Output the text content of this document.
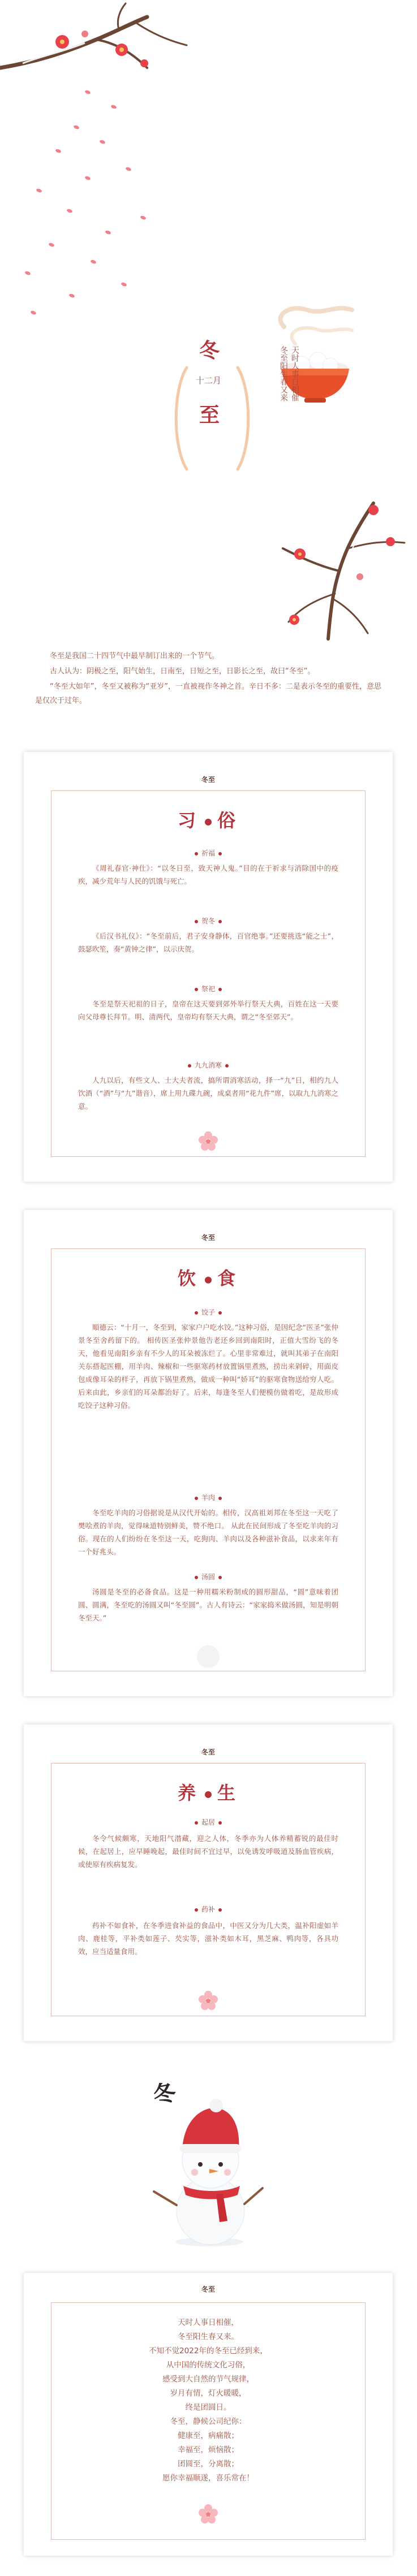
冬
十二月
至
天时人事日相催
冬至阳生春又来

冬至是我国二十四节气中最早制订出来的一个节气。

古人认为：阴极之至，阳气始生，日南至，日短之至，日影长之至，故曰“冬至”。

“冬至大如年”，冬至又被称为“亚岁”，一直被视作冬神之首。辛日不多：二是表示冬至的重要性，意思是仅次于过年。

冬至
习 俗
祈福

《周礼春官·神仕》：“以冬日至，致天神人鬼。”目的在于祈求与消除国中的疫疾，减少荒年与人民的饥饿与死亡。

贺冬

《后汉书礼仪》：“冬至前后，君子安身静体，百官绝事。”还要挑选“能之士”，鼓瑟吹笙，奏“黄钟之律”，以示庆贺。

祭祀

冬至是祭天祀祖的日子，皇帝在这天要到郊外举行祭天大典，百姓在这一天要向父母尊长拜节。明、清两代，皇帝均有祭天大典，谓之“冬至郊天”。

九九消寒

人九以后，有些文人、士大夫者流，搞所谓消寒活动，择一“九”日，相约九人饮酒（“酒”与“九”谐音），席上用九碟九碗，成桌者用“花九件”席，以取九九消寒之意。

冬至
饮 食
饺子

順德云：“十月一，冬至到，家家户户吃水饺。”这种习俗，是因纪念“医圣”张仲景冬至舍药留下的。 相传医圣张仲景他告老还乡回到南阳时，正值大雪纷飞的冬天，他看见南阳乡亲有不少人的耳朵被冻烂了。心里非常难过，就叫其弟子在南阳关东搭起医棚，用羊肉、辣椒和一些驱寒药材放置锅里煮熟，捞出来剁碎，用面皮包成像耳朵的样子，再放下锅里煮熟，做成一种叫“娇耳”的驱寒食物送给穷人吃。 后来由此，乡亲们的耳朵都治好了。后来，每逢冬至人们便模仿做着吃，是故形成吃饺子这种习俗。

羊肉

冬至吃羊肉的习俗据说是从汉代开始的。相传，汉高祖刘邦在冬至这一天吃了樊哙煮的羊肉，觉得味道特别鲜美，赞不绝口。 从此在民间形成了冬至吃羊肉的习俗。现在的人们纷纷在冬至这一天，吃狗肉、羊肉以及各种滋补食品，以求来年有一个好兆头。

汤圆

汤圆是冬至的必备食品。这是一种用糯米粉制成的圆形甜品，“圆”意味着团圆、圆满，冬至吃的汤圆又叫“冬至圆”。古人有诗云：“家家捣米做汤圆，知是明朝冬至天。”

冬至
养 生
起居

冬令气候颇寒，天地阳气潜藏，迎之人体，冬季亦为人体养精蓄锐的最佳时候，在起居上，应早睡晚起，最佳时间不宜过早，以免诱发呼吸道及肠血管疾病，或使原有疾病复发。

药补

药补不如食补，在冬季进食补益的食品中，中医又分为几大类，温补阳虚如羊肉、鹿桂等，平补类如莲子、芡实等，滋补类如木耳，黑芝麻、鸭肉等，各具功效，应当适量食用。

冬
冬至
天时人事日相催，
冬至阳生春又来。
不知不觉2022年的冬至已经到来，
从中国的传统文化习俗，
感受到大自然的节气规律，
岁月有情，灯火暖暖，
终是团圆日。
冬至，静候公司纪你：
健康至，病痛散；
幸福至，烦恼散；
团圆至，分离散；
愿你幸福顺遂，喜乐常在！
